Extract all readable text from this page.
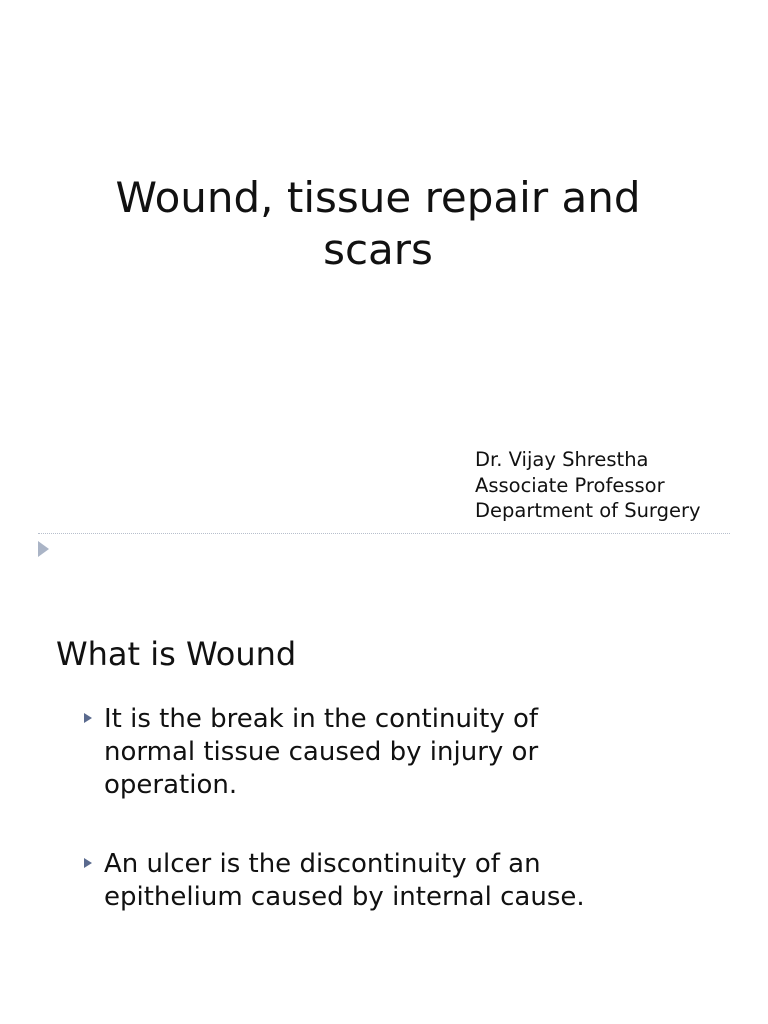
Wound, tissue repair and
scars
Dr. Vijay Shrestha
Associate Professor
Department of Surgery
What is Wound
It is the break in the continuity of
normal tissue caused by injury or
operation.
An ulcer is the discontinuity of an
epithelium caused by internal cause.
